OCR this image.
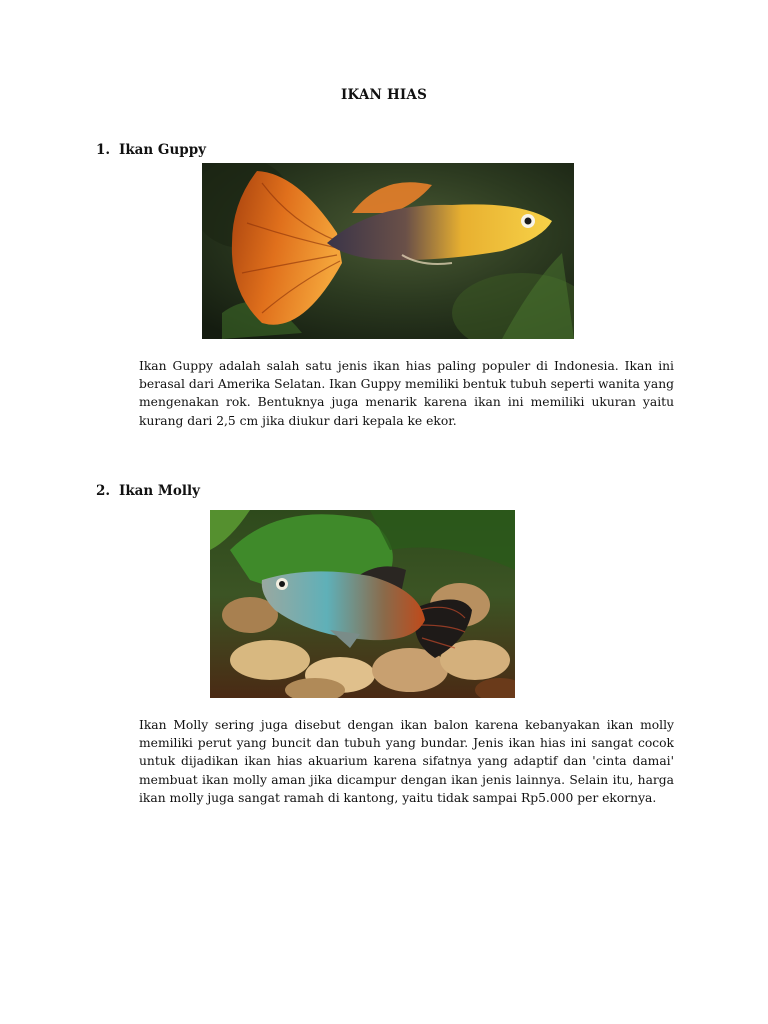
IKAN HIAS
1. Ikan Guppy

Ikan Guppy adalah salah satu jenis ikan hias paling populer di Indonesia. Ikan ini berasal dari Amerika Selatan. Ikan Guppy memiliki bentuk tubuh seperti wanita yang mengenakan rok. Bentuknya juga menarik karena ikan ini memiliki ukuran yaitu kurang dari 2,5 cm jika diukur dari kepala ke ekor.

2. Ikan Molly

Ikan Molly sering juga disebut dengan ikan balon karena kebanyakan ikan molly memiliki perut yang buncit dan tubuh yang bundar. Jenis ikan hias ini sangat cocok untuk dijadikan ikan hias akuarium karena sifatnya yang adaptif dan 'cinta damai' membuat ikan molly aman jika dicampur dengan ikan jenis lainnya. Selain itu, harga ikan molly juga sangat ramah di kantong, yaitu tidak sampai Rp5.000 per ekornya.
